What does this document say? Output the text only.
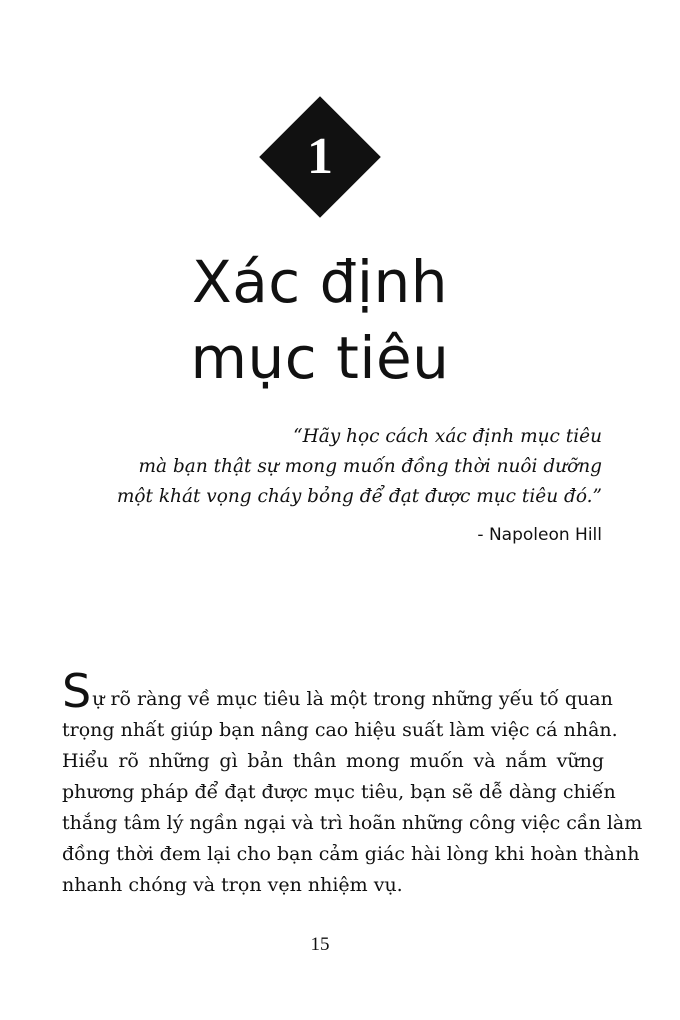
1
Xác định
mục tiêu
“Hãy học cách xác định mục tiêu
mà bạn thật sự mong muốn đồng thời nuôi dưỡng
một khát vọng cháy bỏng để đạt được mục tiêu đó.”
- Napoleon Hill

Sự rõ ràng về mục tiêu là một trong những yếu tố quan
trọng nhất giúp bạn nâng cao hiệu suất làm việc cá nhân.
Hiểu rõ những gì bản thân mong muốn và nắm vững
phương pháp để đạt được mục tiêu, bạn sẽ dễ dàng chiến
thắng tâm lý ngần ngại và trì hoãn những công việc cần làm
đồng thời đem lại cho bạn cảm giác hài lòng khi hoàn thành
nhanh chóng và trọn vẹn nhiệm vụ.

15
